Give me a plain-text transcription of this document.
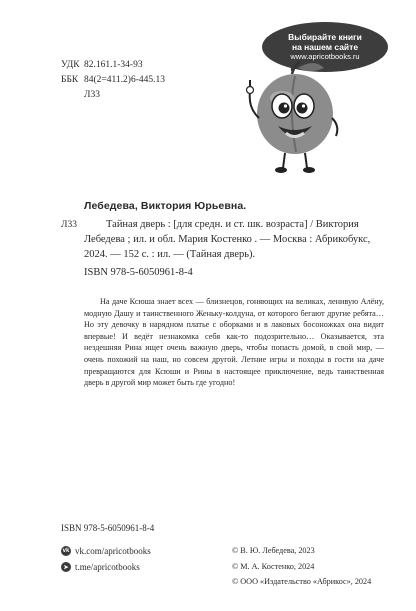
УДК 82.161.1-34-93
ББК 84(2=411.2)6-445.13
Л33
Выбирайте книги
на нашем сайте
www.apricotbooks.ru
Лебедева, Виктория Юрьевна.
Л33	Тайная дверь : [для средн. и ст. шк. возраста] / Виктория Лебедева ; ил. и обл. Мария Костенко . — Москва : Абрикобукс, 2024. — 152 с. : ил. — (Тайная дверь).
ISBN 978-5-6050961-8-4
На даче Ксюша знает всех — близнецов, гоняющих на великах, ленивую Алёну, модную Дашу и таинственного Женьку-колдуна, от которого бегают другие ребята… Но эту девочку в нарядном платье с оборками и в лаковых босоножках она видит впервые! И ведёт незнакомка себя как-то подозрительно… Оказывается, эта нездешняя Рина ищет очень важную дверь, чтобы попасть домой, в свой мир, — очень похожий на наш, но совсем другой. Летние игры и походы в гости на даче превращаются для Ксюши и Рины в настоящее приключение, ведь таинственная дверь в другой мир может быть где угодно!
ISBN 978-5-6050961-8-4
vk vk.com/apricotbooks
➤ t.me/apricotbooks
© В. Ю. Лебедева, 2023
© М. А. Костенко, 2024
© ООО «Издательство «Абрикос», 2024
